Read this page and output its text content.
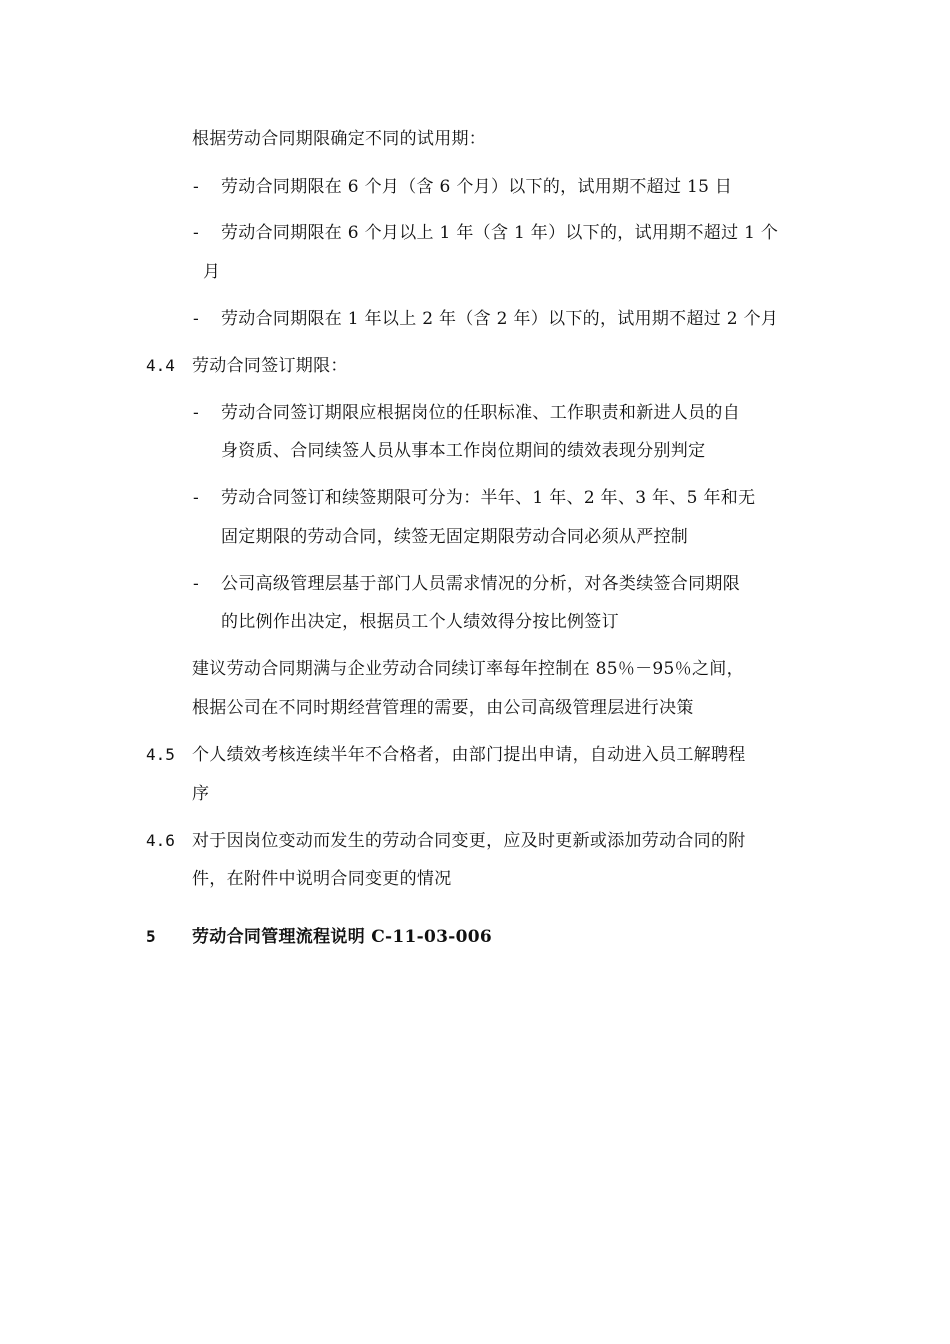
根据劳动合同期限确定不同的试用期：
- 劳动合同期限在 6 个月（含 6 个月）以下的，试用期不超过 15 日
- 劳动合同期限在 6 个月以上 1 年（含 1 年）以下的，试用期不超过 1 个
月
- 劳动合同期限在 1 年以上 2 年（含 2 年）以下的，试用期不超过 2 个月
4.4 劳动合同签订期限：
- 劳动合同签订期限应根据岗位的任职标准、工作职责和新进人员的自
身资质、合同续签人员从事本工作岗位期间的绩效表现分别判定
- 劳动合同签订和续签期限可分为：半年、1 年、2 年、3 年、5 年和无
固定期限的劳动合同，续签无固定期限劳动合同必须从严控制
- 公司高级管理层基于部门人员需求情况的分析，对各类续签合同期限
的比例作出决定，根据员工个人绩效得分按比例签订
建议劳动合同期满与企业劳动合同续订率每年控制在 85％－95％之间，
根据公司在不同时期经营管理的需要，由公司高级管理层进行决策
4.5 个人绩效考核连续半年不合格者，由部门提出申请，自动进入员工解聘程
序
4.6 对于因岗位变动而发生的劳动合同变更，应及时更新或添加劳动合同的附
件，在附件中说明合同变更的情况
5 劳动合同管理流程说明 C-11-03-006
